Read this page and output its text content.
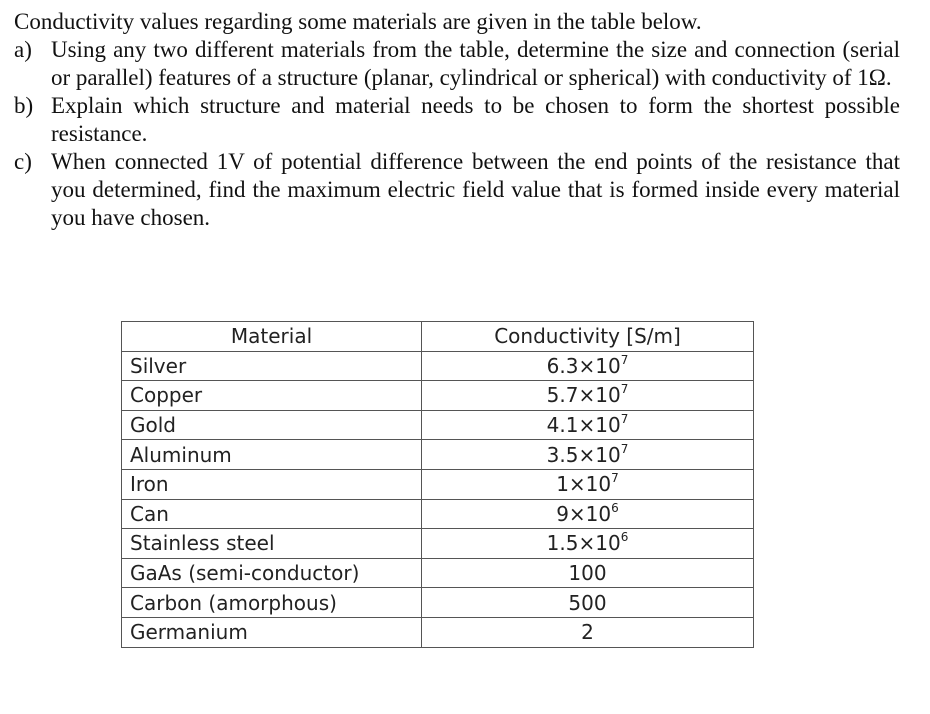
Conductivity values regarding some materials are given in the table below.

a) Using any two different materials from the table, determine the size and connection (serial or parallel) features of a structure (planar, cylindrical or spherical) with conductivity of 1Ω.
b) Explain which structure and material needs to be chosen to form the shortest possible resistance.
c) When connected 1V of potential difference between the end points of the resistance that you determined, find the maximum electric field value that is formed inside every material you have chosen.
Material	Conductivity [S/m]
Silver	$6.3\times 10^7$
Copper	$5.7\times 10^7$
Gold	$4.1\times 10^7$
Aluminum	$3.5\times 10^7$
Iron	$1\times 10^7$
Can	$9\times 10^6$
Stainless steel	$1.5\times 10^6$
GaAs (semi-conductor)	100
Carbon (amorphous)	500
Germanium	2
